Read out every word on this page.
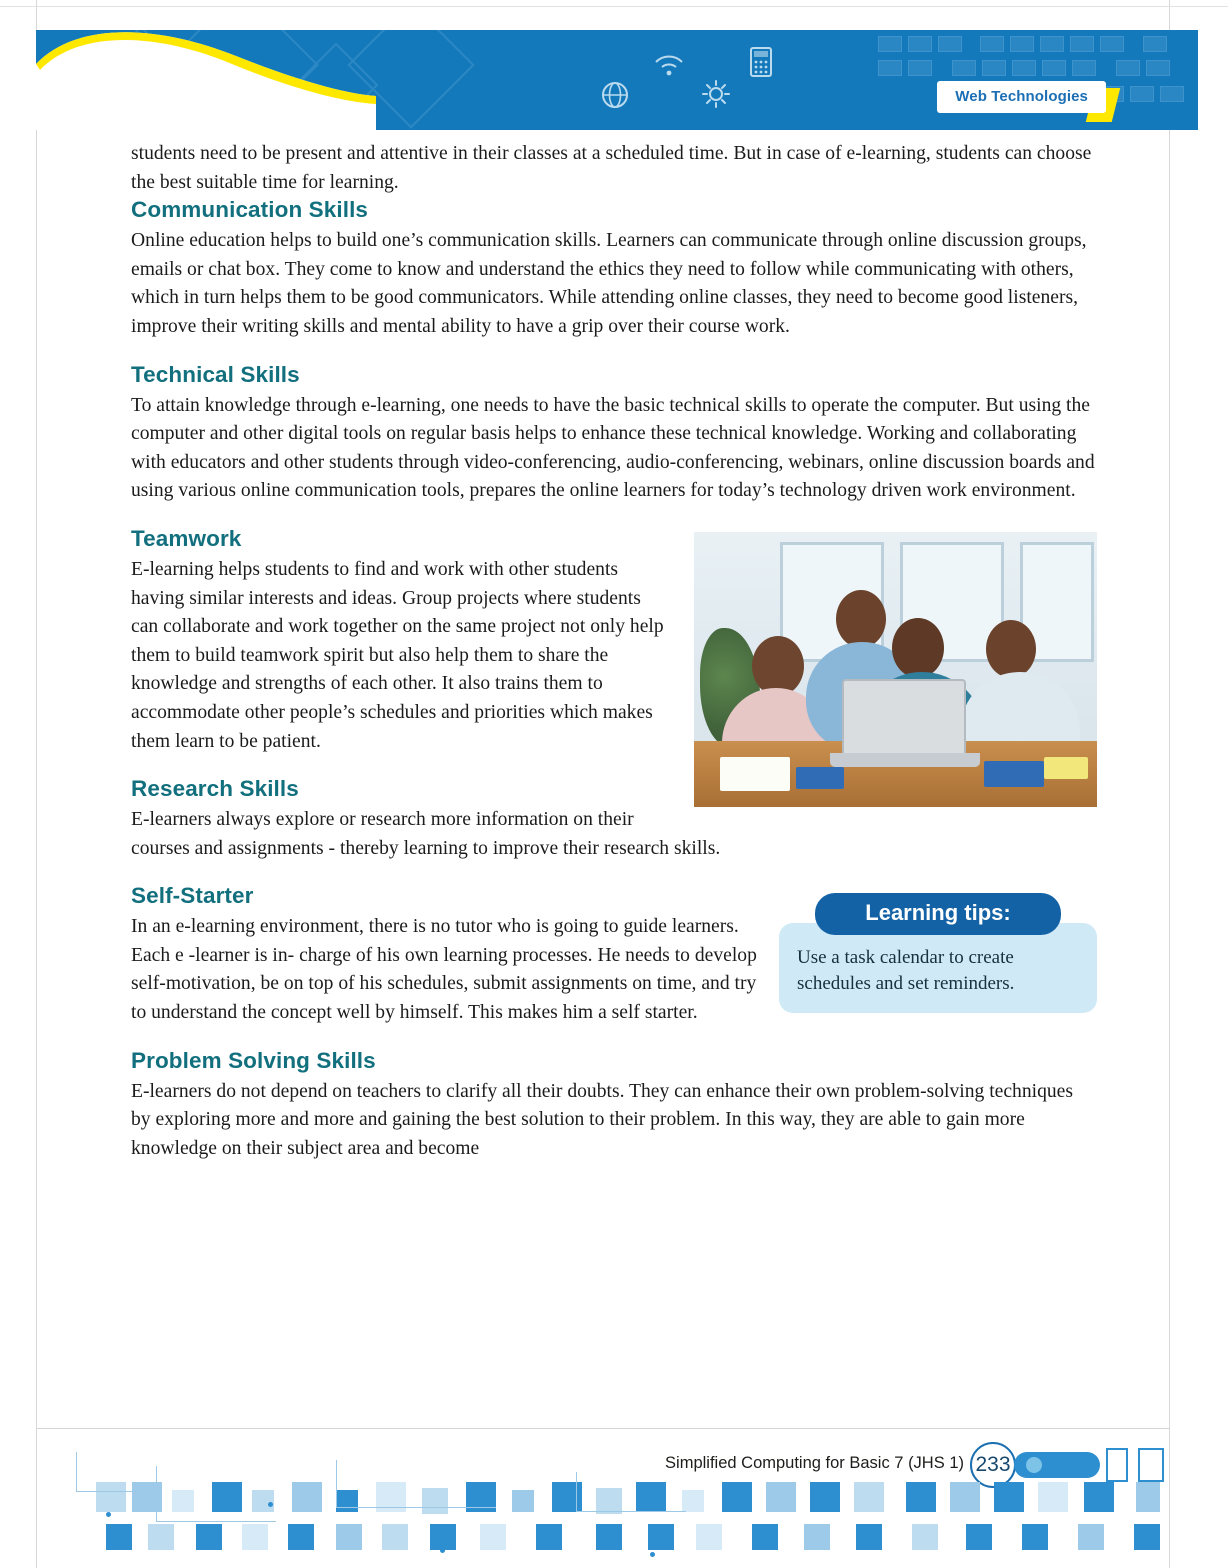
Web Technologies

students need to be present and attentive in their classes at a scheduled time. But in case of e-learning, students can choose the best suitable time for learning.

Communication Skills

Online education helps to build one’s communication skills. Learners can communicate through online discussion groups, emails or chat box. They come to know and understand the ethics they need to follow while communicating with others, which in turn helps them to be good communicators. While attending online classes, they need to become good listeners, improve their writing skills and mental ability to have a grip over their course work.

Technical Skills

To attain knowledge through e-learning, one needs to have the basic technical skills to operate the computer. But using the computer and other digital tools on regular basis helps to enhance these technical knowledge. Working and collaborating with educators and other students through video-conferencing, audio-conferencing, webinars, online discussion boards and using various online communication tools, prepares the online learners for today’s technology driven work environment.

Teamwork

E-learning helps students to find and work with other students having similar interests and ideas. Group projects where students can collaborate and work together on the same project not only help them to build teamwork spirit but also help them to share the knowledge and strengths of each other. It also trains them to accommodate other people’s schedules and priorities which makes them learn to be patient.

Research Skills

E-learners always explore or research more information on their courses and assignments - thereby learning to improve their research skills.

Learning tips:
Use a task calendar to create schedules and set reminders.
Self-Starter

In an e-learning environment, there is no tutor who is going to guide learners. Each e -learner is in- charge of his own learning processes. He needs to develop self-motivation, be on top of his schedules, submit assignments on time, and try to understand the concept well by himself. This makes him a self starter.

Problem Solving Skills

E-learners do not depend on teachers to clarify all their doubts. They can enhance their own problem-solving techniques by exploring more and more and gaining the best solution to their problem. In this way, they are able to gain more knowledge on their subject area and become

Simplified Computing for Basic 7 (JHS 1) 233
